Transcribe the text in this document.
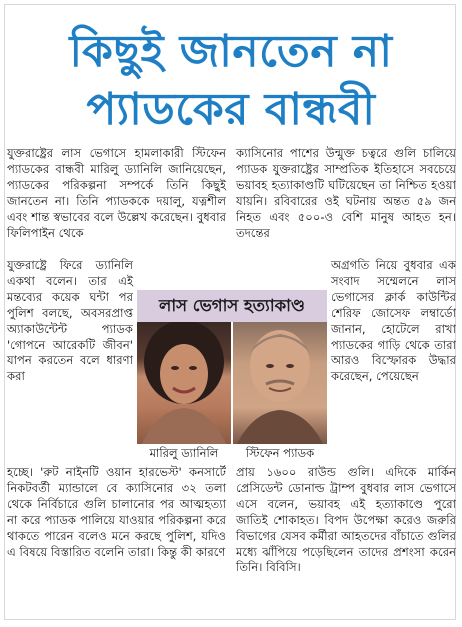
কিছুই জানতেন না
প্যাডকের বান্ধবী

যুক্তরাষ্ট্রের লাস ভেগাসে হামলাকারী স্টিফেন প্যাডকের বান্ধবী মারিলু ড্যানিলি জানিয়েছেন, প্যাডকের পরিকল্পনা সম্পর্কে তিনি কিছুই জানতেন না। তিনি প্যাডককে দয়ালু, যত্নশীল এবং শান্ত স্বভাবের বলে উল্লেখ করেছেন। বুধবার ফিলিপাইন থেকে

যুক্তরাষ্ট্রে ফিরে ড্যানিলি একথা বলেন। তার এই মন্তব্যের কয়েক ঘন্টা পর পুলিশ বলছে, অবসরপ্রাপ্ত অ্যাকাউন্টেন্ট প্যাডক 'গোপনে আরেকটি জীবন' যাপন করতেন বলে ধারণা করা

হচ্ছে। 'রুট নাইনটি ওয়ান হারভেস্ট' কনসার্টে নিকটবর্তী ম্যান্ডালে বে ক্যাসিনোর ৩২ তলা থেকে নির্বিচারে গুলি চালানোর পর আত্মহত্যা না করে প্যাডক পালিয়ে যাওয়ার পরিকল্পনা করে থাকতে পারেন বলেও মনে করছে পুলিশ, যদিও এ বিষয়ে বিস্তারিত বলেনি তারা। কিন্তু কী কারণে

ক্যাসিনোর পাশের উন্মুক্ত চত্বরে গুলি চালিয়ে প্যাডক যুক্তরাষ্ট্রের সাম্প্রতিক ইতিহাসে সবচেয়ে ভয়াবহ হত্যাকাণ্ডটি ঘটিয়েছেন তা নিশ্চিত হওয়া যায়নি। রবিবারের ওই ঘটনায় অন্তত ৫৯ জন নিহত এবং ৫০০-ও বেশি মানুষ আহত হন। তদন্তের

অগ্রগতি নিয়ে বুধবার এক সংবাদ সম্মেলনে লাস ভেগাসের ক্লার্ক কাউন্টির শেরিফ জোসেফ লম্বার্ডো জানান, হোটেলে রাখা প্যাডকের গাড়ি থেকে তারা আরও বিস্ফোরক উদ্ধার করেছেন, পেয়েছেন

প্রায় ১৬০০ রাউন্ড গুলি। এদিকে মার্কিন প্রেসিডেন্ট ডোনাল্ড ট্রাম্প বুধবার লাস ভেগাসে এসে বলেন, ভয়াবহ এই হত্যাকাণ্ডে পুরো জাতিই শোকাহত। বিপদ উপেক্ষা করেও জরুরি বিভাগের যেসব কর্মীরা আহতদের বাঁচাতে গুলির মধ্যে ঝাঁপিয়ে পড়েছিলেন তাদের প্রশংসা করেন তিনি। বিবিসি।

লাস ভেগাস হত্যাকাণ্ড
মারিলু ড্যানিলি	স্টিফেন প্যাডক
